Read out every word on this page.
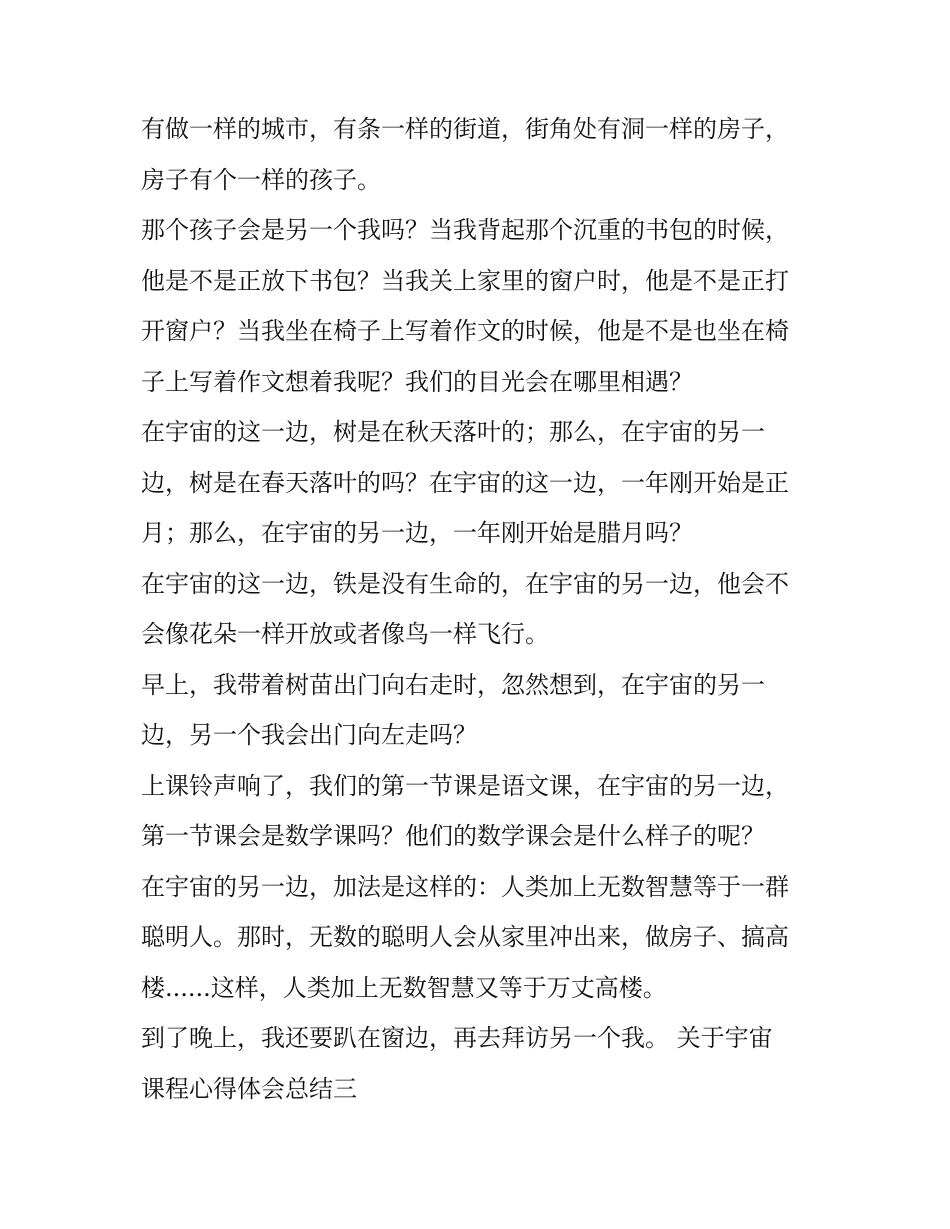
有做一样的城市，有条一样的街道，街角处有洞一样的房子，
房子有个一样的孩子。
那个孩子会是另一个我吗？当我背起那个沉重的书包的时候，
他是不是正放下书包？当我关上家里的窗户时，他是不是正打
开窗户？当我坐在椅子上写着作文的时候，他是不是也坐在椅
子上写着作文想着我呢？我们的目光会在哪里相遇？
在宇宙的这一边，树是在秋天落叶的；那么，在宇宙的另一
边，树是在春天落叶的吗？在宇宙的这一边，一年刚开始是正
月；那么，在宇宙的另一边，一年刚开始是腊月吗？
在宇宙的这一边，铁是没有生命的，在宇宙的另一边，他会不
会像花朵一样开放或者像鸟一样飞行。
早上，我带着树苗出门向右走时，忽然想到，在宇宙的另一
边，另一个我会出门向左走吗？
上课铃声响了，我们的第一节课是语文课，在宇宙的另一边，
第一节课会是数学课吗？他们的数学课会是什么样子的呢？
在宇宙的另一边，加法是这样的：人类加上无数智慧等于一群
聪明人。那时，无数的聪明人会从家里冲出来，做房子、搞高
楼......这样，人类加上无数智慧又等于万丈高楼。
到了晚上，我还要趴在窗边，再去拜访另一个我。 关于宇宙
课程心得体会总结三
